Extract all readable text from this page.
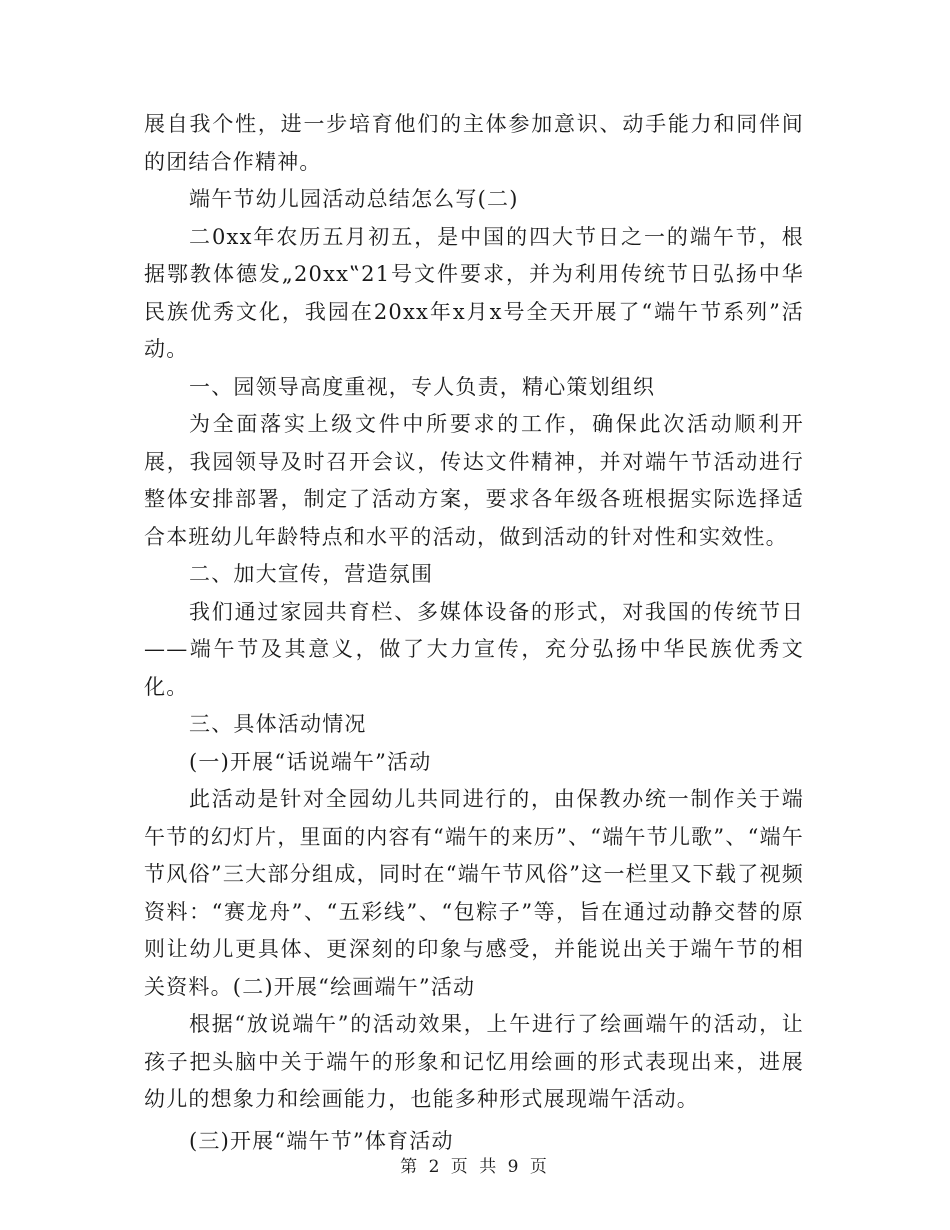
展自我个性，进一步培育他们的主体参加意识、动手能力和同伴间的团结合作精神。

端午节幼儿园活动总结怎么写(二)

二0xx年农历五月初五，是中国的四大节日之一的端午节，根据鄂教体德发„20xx‟21号文件要求，并为利用传统节日弘扬中华民族优秀文化，我园在20xx年x月x号全天开展了“端午节系列”活动。

一、园领导高度重视，专人负责，精心策划组织

为全面落实上级文件中所要求的工作，确保此次活动顺利开展，我园领导及时召开会议，传达文件精神，并对端午节活动进行整体安排部署，制定了活动方案，要求各年级各班根据实际选择适合本班幼儿年龄特点和水平的活动，做到活动的针对性和实效性。

二、加大宣传，营造氛围

我们通过家园共育栏、多媒体设备的形式，对我国的传统节日——端午节及其意义，做了大力宣传，充分弘扬中华民族优秀文化。

三、具体活动情况

(一)开展“话说端午”活动

此活动是针对全园幼儿共同进行的，由保教办统一制作关于端午节的幻灯片，里面的内容有“端午的来历”、“端午节儿歌”、“端午节风俗”三大部分组成，同时在“端午节风俗”这一栏里又下载了视频资料：“赛龙舟”、“五彩线”、“包粽子”等，旨在通过动静交替的原则让幼儿更具体、更深刻的印象与感受，并能说出关于端午节的相关资料。(二)开展“绘画端午”活动

根据“放说端午”的活动效果，上午进行了绘画端午的活动，让孩子把头脑中关于端午的形象和记忆用绘画的形式表现出来，进展幼儿的想象力和绘画能力，也能多种形式展现端午活动。

(三)开展“端午节”体育活动

第 2 页 共 9 页
